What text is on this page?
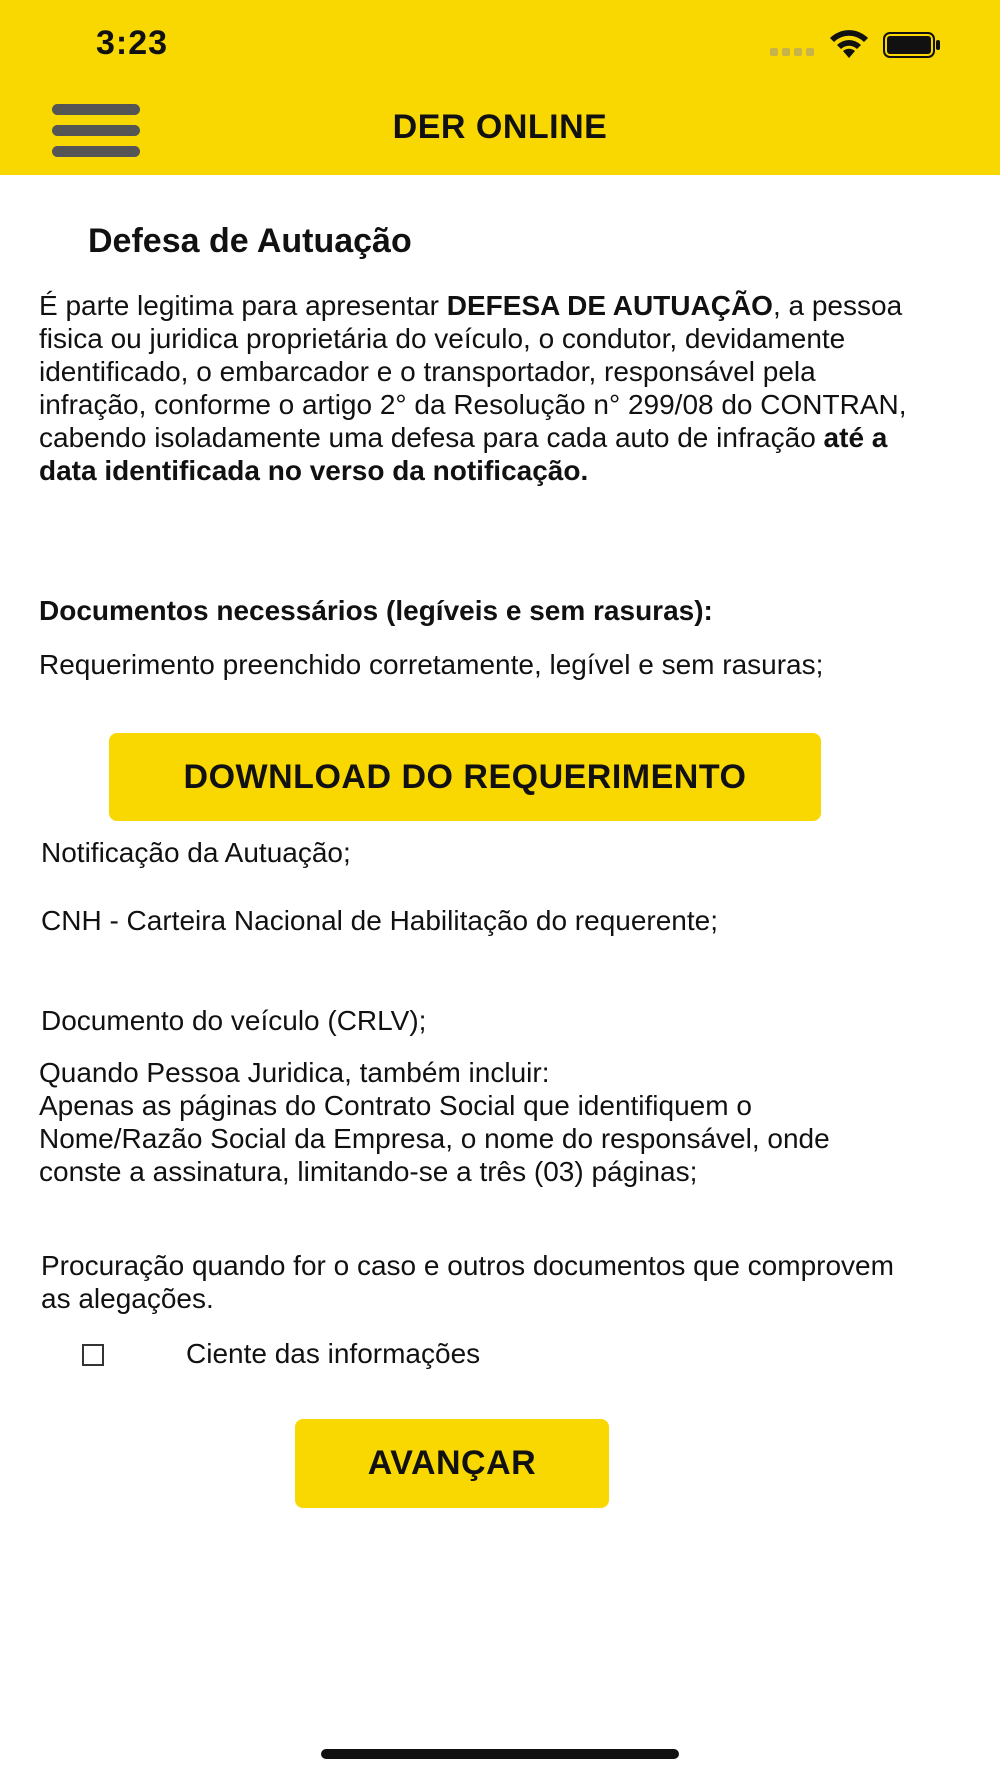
3:23
DER ONLINE
Defesa de Autuação

É parte legitima para apresentar DEFESA DE AUTUAÇÃO, a pessoa fisica ou juridica proprietária do veículo, o condutor, devidamente identificado, o embarcador e o transportador, responsável pela infração, conforme o artigo 2° da Resolução n° 299/08 do CONTRAN, cabendo isoladamente uma defesa para cada auto de infração até a data identificada no verso da notificação.

Documentos necessários (legíveis e sem rasuras):

Requerimento preenchido corretamente, legível e sem rasuras;

DOWNLOAD DO REQUERIMENTO

Notificação da Autuação;

CNH - Carteira Nacional de Habilitação do requerente;

Documento do veículo (CRLV);

Quando Pessoa Juridica, também incluir:
Apenas as páginas do Contrato Social que identifiquem o Nome/Razão Social da Empresa, o nome do responsável, onde conste a assinatura, limitando-se a três (03) páginas;

Procuração quando for o caso e outros documentos que comprovem as alegações.

Ciente das informações
AVANÇAR
